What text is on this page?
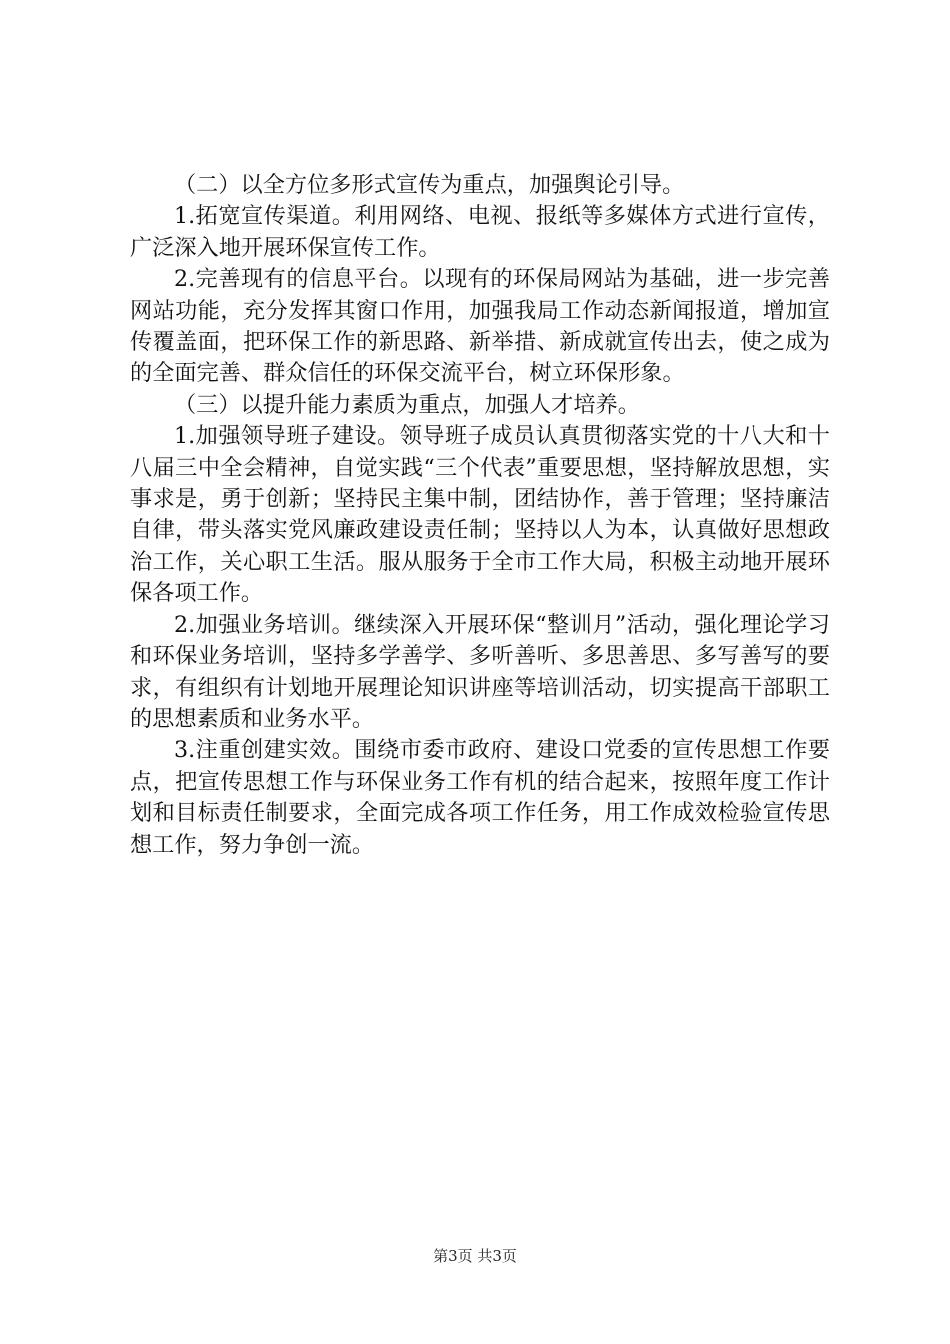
（二）以全方位多形式宣传为重点，加强舆论引导。

1.拓宽宣传渠道。利用网络、电视、报纸等多媒体方式进行宣传，广泛深入地开展环保宣传工作。

2.完善现有的信息平台。以现有的环保局网站为基础，进一步完善网站功能，充分发挥其窗口作用，加强我局工作动态新闻报道，增加宣传覆盖面，把环保工作的新思路、新举措、新成就宣传出去，使之成为的全面完善、群众信任的环保交流平台，树立环保形象。

（三）以提升能力素质为重点，加强人才培养。

1.加强领导班子建设。领导班子成员认真贯彻落实党的十八大和十八届三中全会精神，自觉实践“三个代表”重要思想，坚持解放思想，实事求是，勇于创新；坚持民主集中制，团结协作，善于管理；坚持廉洁自律，带头落实党风廉政建设责任制；坚持以人为本，认真做好思想政治工作，关心职工生活。服从服务于全市工作大局，积极主动地开展环保各项工作。

2.加强业务培训。继续深入开展环保“整训月”活动，强化理论学习和环保业务培训，坚持多学善学、多听善听、多思善思、多写善写的要求，有组织有计划地开展理论知识讲座等培训活动，切实提高干部职工的思想素质和业务水平。

3.注重创建实效。围绕市委市政府、建设口党委的宣传思想工作要点，把宣传思想工作与环保业务工作有机的结合起来，按照年度工作计划和目标责任制要求，全面完成各项工作任务，用工作成效检验宣传思想工作，努力争创一流。

第3页 共3页
